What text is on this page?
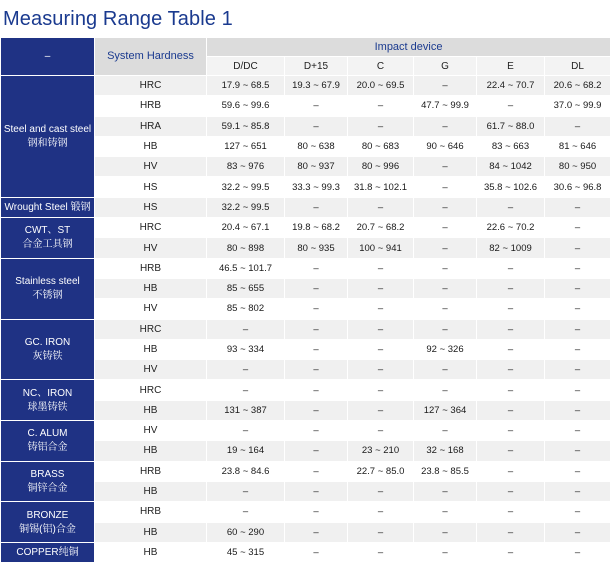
Measuring Range Table 1
–	System Hardness	Impact device					
		D/DC	D+15	C	G	E	DL

Steel and cast steel
钢和铸钢	HRC	17.9 ~ 68.5	19.3 ~ 67.9	20.0 ~ 69.5	–	22.4 ~ 70.7	20.6 ~ 68.2
	HRB	59.6 ~ 99.6	–	–	47.7 ~ 99.9	–	37.0 ~ 99.9
	HRA	59.1 ~ 85.8	–	–	–	61.7 ~ 88.0	–
	HB	127 ~ 651	80 ~ 638	80 ~ 683	90 ~ 646	83 ~ 663	81 ~ 646
	HV	83 ~ 976	80 ~ 937	80 ~ 996	–	84 ~ 1042	80 ~ 950
	HS	32.2 ~ 99.5	33.3 ~ 99.3	31.8 ~ 102.1	–	35.8 ~ 102.6	30.6 ~ 96.8

Wrought Steel 锻钢	HS	32.2 ~ 99.5	–	–	–	–	–

CWT、ST
合金工具钢	HRC	20.4 ~ 67.1	19.8 ~ 68.2	20.7 ~ 68.2	–	22.6 ~ 70.2	–
	HV	80 ~ 898	80 ~ 935	100 ~ 941	–	82 ~ 1009	–

Stainless steel
不锈钢	HRB	46.5 ~ 101.7	–	–	–	–	–
	HB	85 ~ 655	–	–	–	–	–
	HV	85 ~ 802	–	–	–	–	–

GC. IRON
灰铸铁	HRC	–	–	–	–	–	–
	HB	93 ~ 334	–	–	92 ~ 326	–	–
	HV	–	–	–	–	–	–

NC、IRON
球墨铸铁	HRC	–	–	–	–	–	–
	HB	131 ~ 387	–	–	127 ~ 364	–	–

C. ALUM
铸铝合金	HV	–	–	–	–	–	–
	HB	19 ~ 164	–	23 ~ 210	32 ~ 168	–	–

BRASS
铜锌合金	HRB	23.8 ~ 84.6	–	22.7 ~ 85.0	23.8 ~ 85.5	–	–
	HB	–	–	–	–	–	–

BRONZE
铜锡(铝)合金	HRB	–	–	–	–	–	–
	HB	60 ~ 290	–	–	–	–	–

COPPER纯铜	HB	45 ~ 315	–	–	–	–	–
